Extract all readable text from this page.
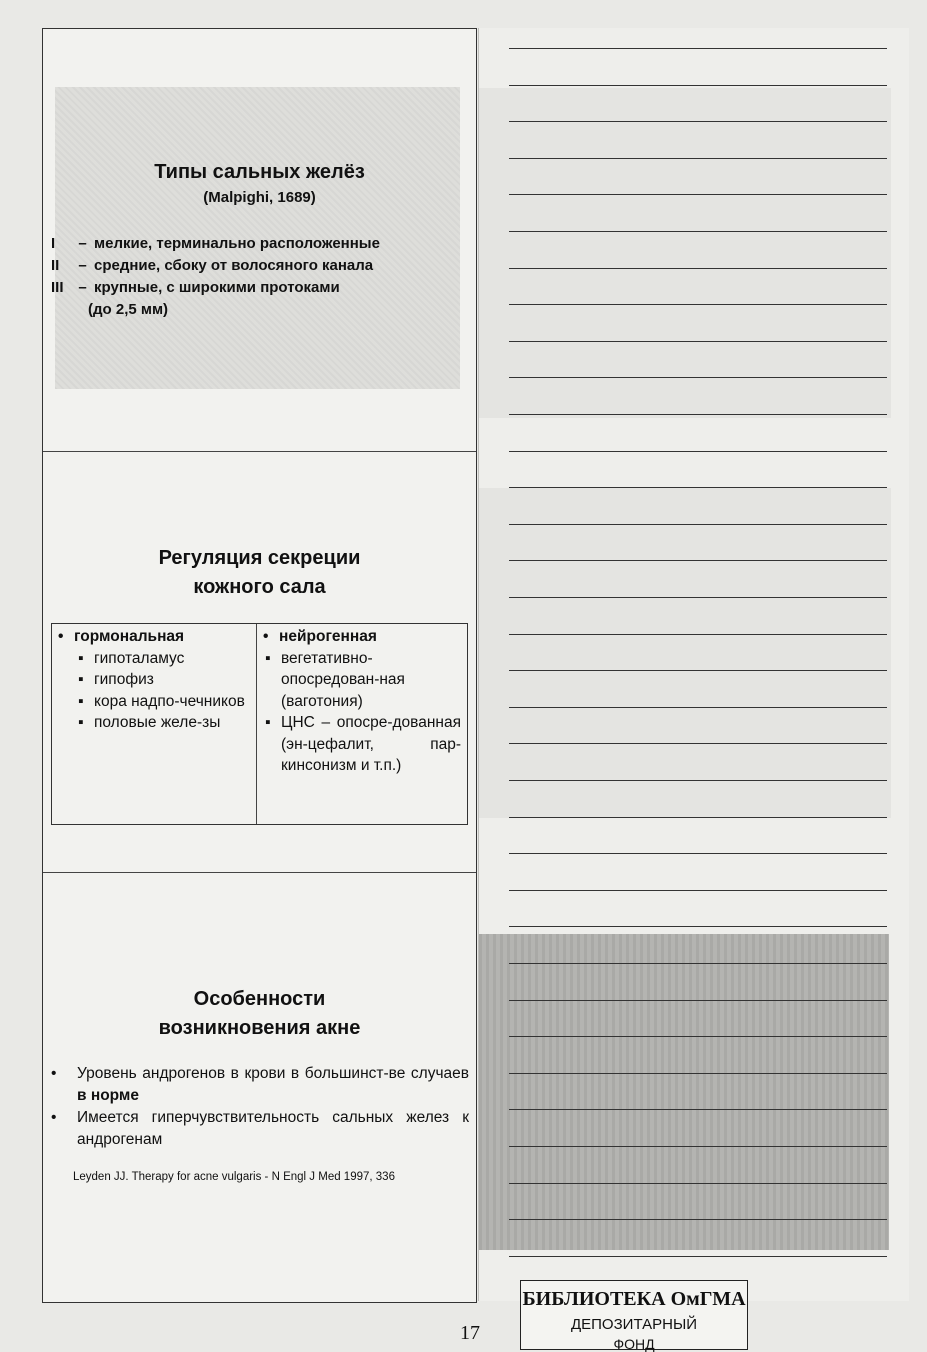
Типы сальных желёз
(Malpighi, 1689)
I	– мелкие, терминально расположенные
II	– средние, сбоку от волосяного канала
III – крупные, с широкими протоками
(до 2,5 мм)
Регуляция секреции
кожного сала
• гормональная
▪ гипоталамус
▪ гипофиз
▪ кора надпо-чечников
▪ половые желе-зы
• нейрогенная
▪ вегетативно-опосредован-ная (ваготония)
▪ ЦНС – опосре-дованная (эн-цефалит, пар-кинсонизм и т.п.)
Особенности
возникновения акне
•	Уровень андрогенов в крови в большинст-ве случаев в норме
•	Имеется гиперчувствительность сальных желез к андрогенам
Leyden JJ. Therapy for acne vulgaris - N Engl J Med 1997, 336
БИБЛИОТЕКА ОмГМА
ДЕПОЗИТАРНЫЙ
ФОНД
17
